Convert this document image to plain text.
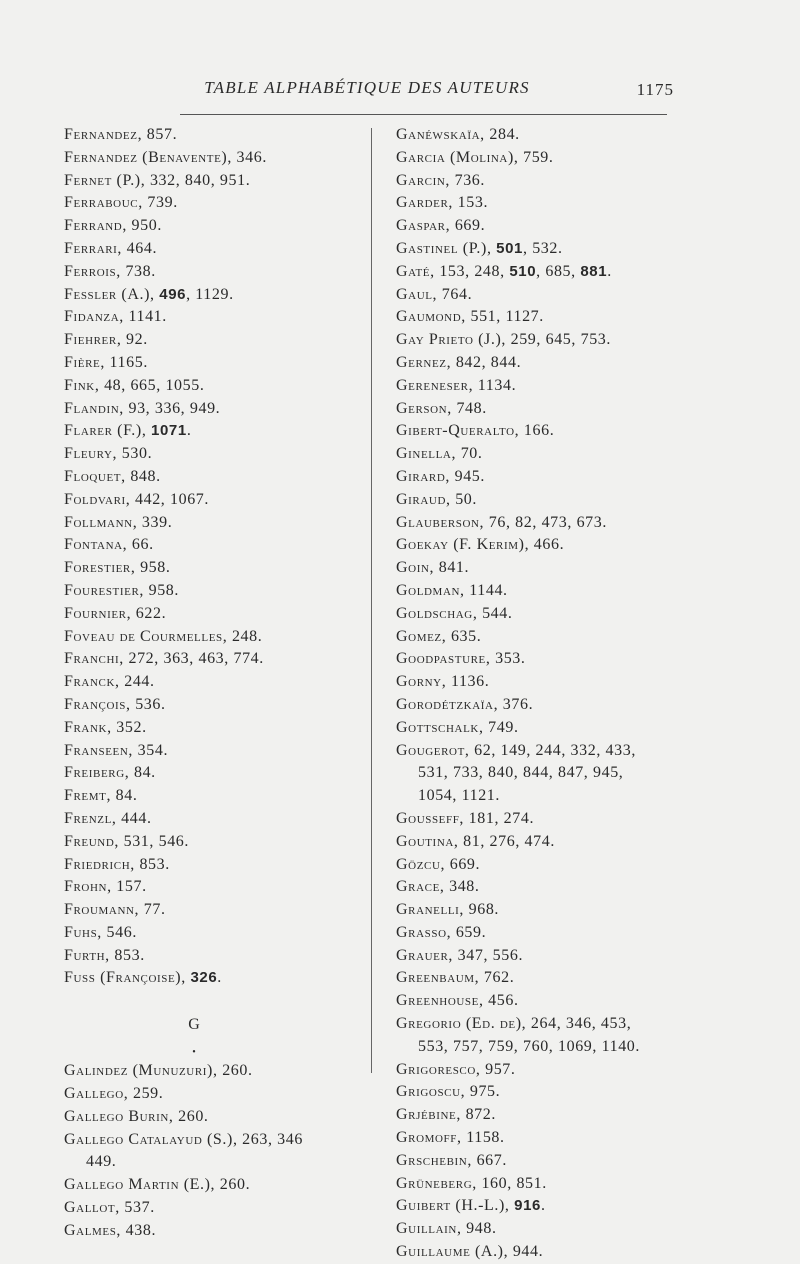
TABLE ALPHABÉTIQUE DES AUTEURS	1175
Fernandez, 857.
Fernandez (Benavente), 346.
Fernet (P.), 332, 840, 951.
Ferrabouc, 739.
Ferrand, 950.
Ferrari, 464.
Ferrois, 738.
Fessler (A.), 496, 1129.
Fidanza, 1141.
Fiehrer, 92.
Fière, 1165.
Fink, 48, 665, 1055.
Flandin, 93, 336, 949.
Flarer (F.), 1071.
Fleury, 530.
Floquet, 848.
Foldvari, 442, 1067.
Follmann, 339.
Fontana, 66.
Forestier, 958.
Fourestier, 958.
Fournier, 622.
Foveau de Courmelles, 248.
Franchi, 272, 363, 463, 774.
Franck, 244.
François, 536.
Frank, 352.
Franseen, 354.
Freiberg, 84.
Fremt, 84.
Frenzl, 444.
Freund, 531, 546.
Friedrich, 853.
Frohn, 157.
Froumann, 77.
Fuhs, 546.
Furth, 853.
Fuss (Françoise), 326.
G
•
Galindez (Munuzuri), 260.
Gallego, 259.
Gallego Burin, 260.
Gallego Catalayud (S.), 263, 346
449.
Gallego Martin (E.), 260.
Gallot, 537.
Galmes, 438.
Ganéwskaïa, 284.
Garcia (Molina), 759.
Garcin, 736.
Garder, 153.
Gaspar, 669.
Gastinel (P.), 501, 532.
Gaté, 153, 248, 510, 685, 881.
Gaul, 764.
Gaumond, 551, 1127.
Gay Prieto (J.), 259, 645, 753.
Gernez, 842, 844.
Gereneser, 1134.
Gerson, 748.
Gibert-Queralto, 166.
Ginella, 70.
Girard, 945.
Giraud, 50.
Glauberson, 76, 82, 473, 673.
Goekay (F. Kerim), 466.
Goin, 841.
Goldman, 1144.
Goldschag, 544.
Gomez, 635.
Goodpasture, 353.
Gorny, 1136.
Gorodétzkaïa, 376.
Gottschalk, 749.
Gougerot, 62, 149, 244, 332, 433,
531, 733, 840, 844, 847, 945,
1054, 1121.
Gousseff, 181, 274.
Goutina, 81, 276, 474.
Gözcu, 669.
Grace, 348.
Granelli, 968.
Grasso, 659.
Grauer, 347, 556.
Greenbaum, 762.
Greenhouse, 456.
Gregorio (Ed. de), 264, 346, 453,
553, 757, 759, 760, 1069, 1140.
Grigoresco, 957.
Grigoscu, 975.
Grjébine, 872.
Gromoff, 1158.
Grschebin, 667.
Grüneberg, 160, 851.
Guibert (H.-L.), 916.
Guillain, 948.
Guillaume (A.), 944.
